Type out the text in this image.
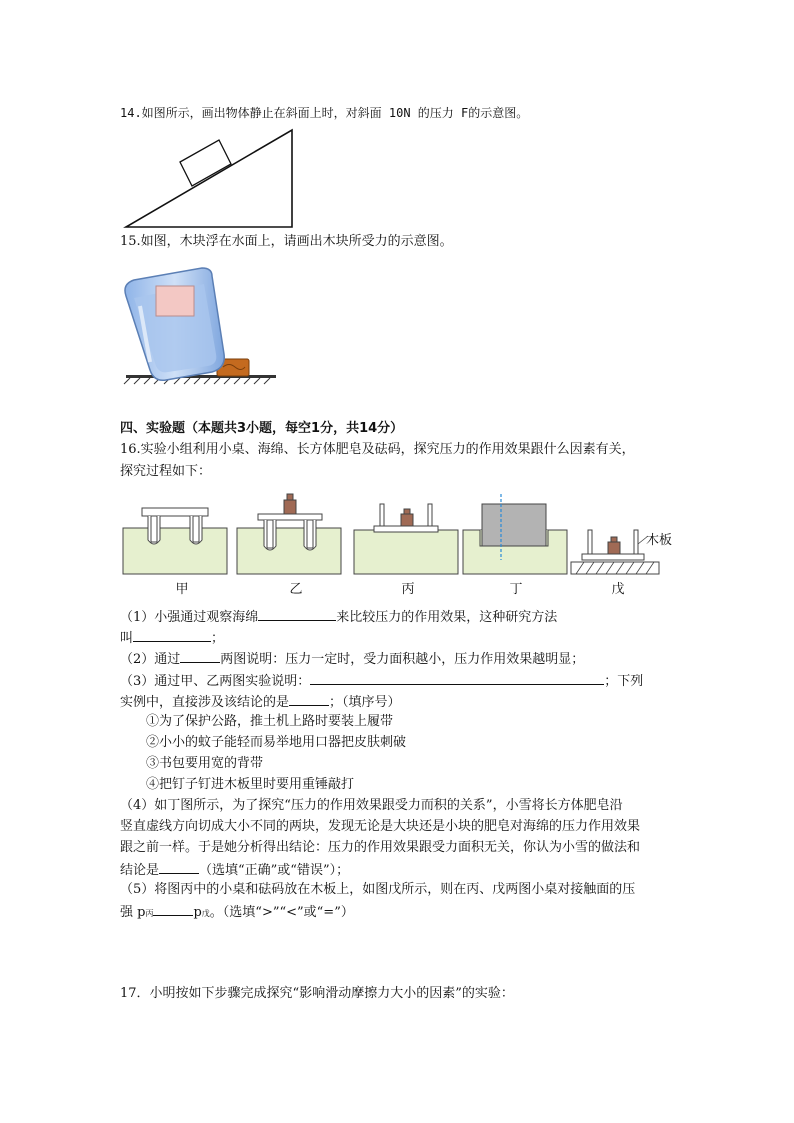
14.如图所示，画出物体静止在斜面上时，对斜面 10N 的压力 F的示意图。
15.如图，木块浮在水面上，请画出木块所受力的示意图。
四、实验题（本题共3小题，每空1分，共14分）
16.实验小组利用小桌、海绵、长方体肥皂及砝码，探究压力的作用效果跟什么因素有关，
探究过程如下：
木板
甲	乙	丙	丁	戊
（1）小强通过观察海绵	来比较压力的作用效果，这种研究方法
叫	；
（2）通过	两图说明：压力一定时，受力面积越小，压力作用效果越明显；
（3）通过甲、乙两图实验说明：	；下列
实例中，直接涉及该结论的是	；（填序号）
①为了保护公路，推土机上路时要装上履带
②小小的蚊子能轻而易举地用口器把皮肤刺破
③书包要用宽的背带
④把钉子钉进木板里时要用重锤敲打
（4）如丁图所示，为了探究“压力的作用效果跟受力而积的关系”，小雪将长方体肥皂沿
竖直虚线方向切成大小不同的两块，发现无论是大块还是小块的肥皂对海绵的压力作用效果
跟之前一样。于是她分析得出结论：压力的作用效果跟受力面积无关，你认为小雪的做法和
结论是	（选填“正确”或“错误”）；
（5）将图丙中的小桌和砝码放在木板上，如图戊所示，则在丙、戊两图小桌对接触面的压
强 p丙	p戊。（选填“>”“<”或“=”）
17．小明按如下步骤完成探究“影响滑动摩擦力大小的因素”的实验：
